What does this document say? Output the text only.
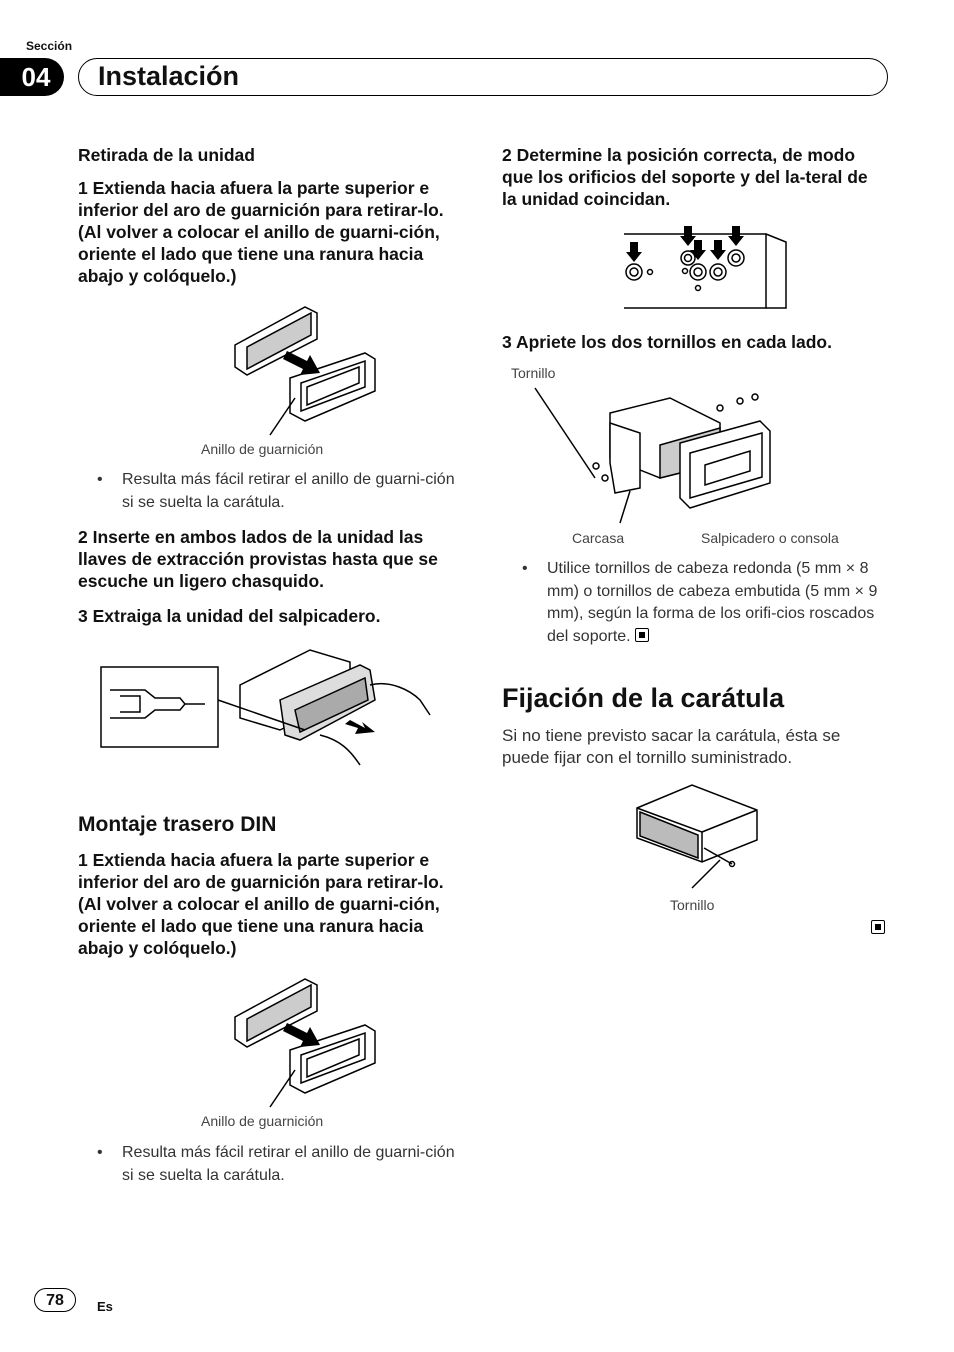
Sección
04	Instalación
Retirada de la unidad
1 Extienda hacia afuera la parte superior e inferior del aro de guarnición para retirar-lo. (Al volver a colocar el anillo de guarni-ción, oriente el lado que tiene una ranura hacia abajo y colóquelo.)
Anillo de guarnición
• Resulta más fácil retirar el anillo de guarni-ción si se suelta la carátula.
2 Inserte en ambos lados de la unidad las llaves de extracción provistas hasta que se escuche un ligero chasquido.
3 Extraiga la unidad del salpicadero.
Montaje trasero DIN
1 Extienda hacia afuera la parte superior e inferior del aro de guarnición para retirar-lo. (Al volver a colocar el anillo de guarni-ción, oriente el lado que tiene una ranura hacia abajo y colóquelo.)
Anillo de guarnición
• Resulta más fácil retirar el anillo de guarni-ción si se suelta la carátula.
2 Determine la posición correcta, de modo que los orificios del soporte y del la-teral de la unidad coincidan.
3 Apriete los dos tornillos en cada lado.
Tornillo
Carcasa	Salpicadero o consola
• Utilice tornillos de cabeza redonda (5 mm × 8 mm) o tornillos de cabeza embutida (5 mm × 9 mm), según la forma de los orifi-cios roscados del soporte.
Fijación de la carátula
Si no tiene previsto sacar la carátula, ésta se puede fijar con el tornillo suministrado.
Tornillo
78	Es
